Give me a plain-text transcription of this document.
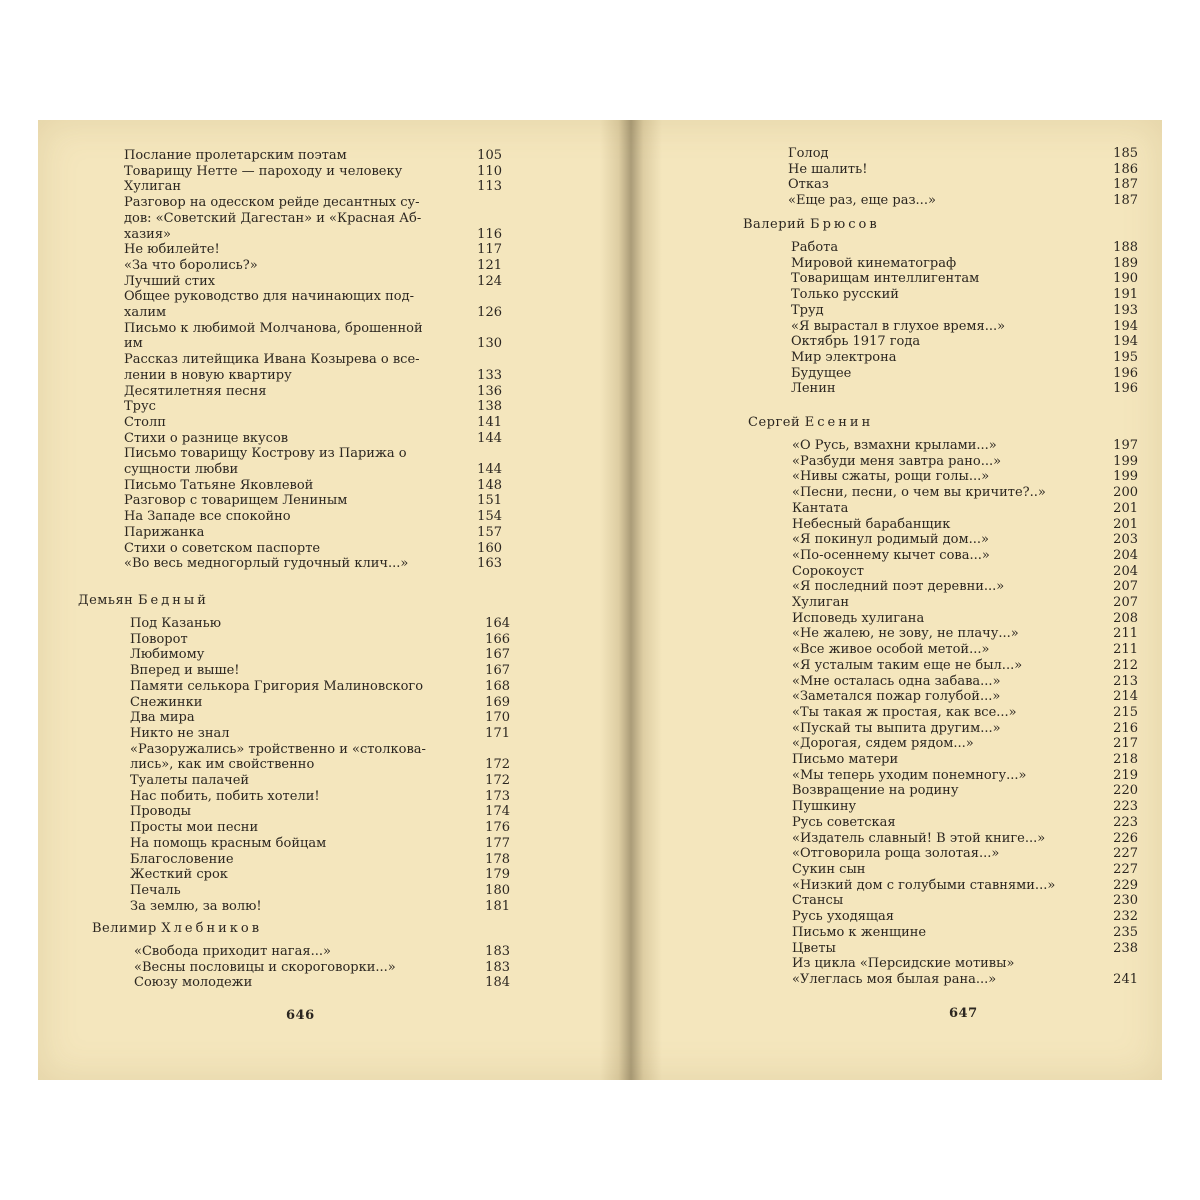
Послание пролетарским поэтам	105
Товарищу Нетте — пароходу и человеку	110
Хулиган	113
Разговор на одесском рейде десантных су-
дов: «Советский Дагестан» и «Красная Аб-
хазия»	116
Не юбилейте!	117
«За что боролись?»	121
Лучший стих	124
Общее руководство для начинающих под-
халим	126
Письмо к любимой Молчанова, брошенной
им	130
Рассказ литейщика Ивана Козырева о все-
лении в новую квартиру	133
Десятилетняя песня	136
Трус	138
Столп	141
Стихи о разнице вкусов	144
Письмо товарищу Кострову из Парижа о
сущности любви	144
Письмо Татьяне Яковлевой	148
Разговор с товарищем Лениным	151
На Западе все спокойно	154
Парижанка	157
Стихи о советском паспорте	160
«Во весь медногорлый гудочный клич...»	163
Демьян Бедный
Под Казанью	164
Поворот	166
Любимому	167
Вперед и выше!	167
Памяти селькора Григория Малиновского	168
Снежинки	169
Два мира	170
Никто не знал	171
«Разоружались» тройственно и «столкова-
лись», как им свойственно	172
Туалеты палачей	172
Нас побить, побить хотели!	173
Проводы	174
Просты мои песни	176
На помощь красным бойцам	177
Благословение	178
Жесткий срок	179
Печаль	180
За землю, за волю!	181
Велимир Хлебников
«Свобода приходит нагая...»	183
«Весны пословицы и скороговорки...»	183
Союзу молодежи	184
646
Голод	185
Не шалить!	186
Отказ	187
«Еще раз, еще раз...»	187
Валерий Брюсов
Работа	188
Мировой кинематограф	189
Товарищам интеллигентам	190
Только русский	191
Труд	193
«Я вырастал в глухое время...»	194
Октябрь 1917 года	194
Мир электрона	195
Будущее	196
Ленин	196
Сергей Есенин
«О Русь, взмахни крылами...»	197
«Разбуди меня завтра рано...»	199
«Нивы сжаты, рощи голы...»	199
«Песни, песни, о чем вы кричите?..»	200
Кантата	201
Небесный барабанщик	201
«Я покинул родимый дом...»	203
«По-осеннему кычет сова...»	204
Сорокоуст	204
«Я последний поэт деревни...»	207
Хулиган	207
Исповедь хулигана	208
«Не жалею, не зову, не плачу...»	211
«Все живое особой метой...»	211
«Я усталым таким еще не был...»	212
«Мне осталась одна забава...»	213
«Заметался пожар голубой...»	214
«Ты такая ж простая, как все...»	215
«Пускай ты выпита другим...»	216
«Дорогая, сядем рядом...»	217
Письмо матери	218
«Мы теперь уходим понемногу...»	219
Возвращение на родину	220
Пушкину	223
Русь советская	223
«Издатель славный! В этой книге...»	226
«Отговорила роща золотая...»	227
Сукин сын	227
«Низкий дом с голубыми ставнями...»	229
Стансы	230
Русь уходящая	232
Письмо к женщине	235
Цветы	238
Из цикла «Персидские мотивы»
«Улеглась моя былая рана...»	241
647
